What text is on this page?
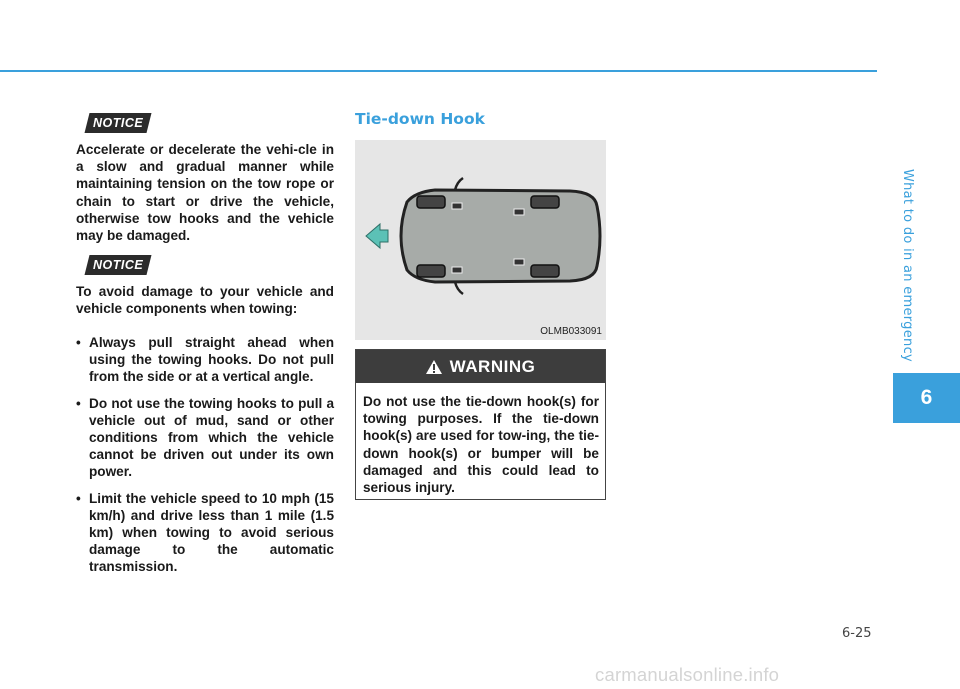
What to do in an emergency
6
NOTICE

Accelerate or decelerate the vehi-cle in a slow and gradual manner while maintaining tension on the tow rope or chain to start or drive the vehicle, otherwise tow hooks and the vehicle may be damaged.

NOTICE

To avoid damage to your vehicle and vehicle components when towing:

• Always pull straight ahead when using the towing hooks. Do not pull from the side or at a vertical angle.
• Do not use the towing hooks to pull a vehicle out of mud, sand or other conditions from which the vehicle cannot be driven out under its own power.
• Limit the vehicle speed to 10 mph (15 km/h) and drive less than 1 mile (1.5 km) when towing to avoid serious damage to the automatic transmission.
Tie-down Hook
OLMB033091
WARNING
Do not use the tie-down hook(s) for towing purposes. If the tie-down hook(s) are used for tow-ing, the tie-down hook(s) or bumper will be damaged and this could lead to serious injury.
6-25
carmanualsonline.info
